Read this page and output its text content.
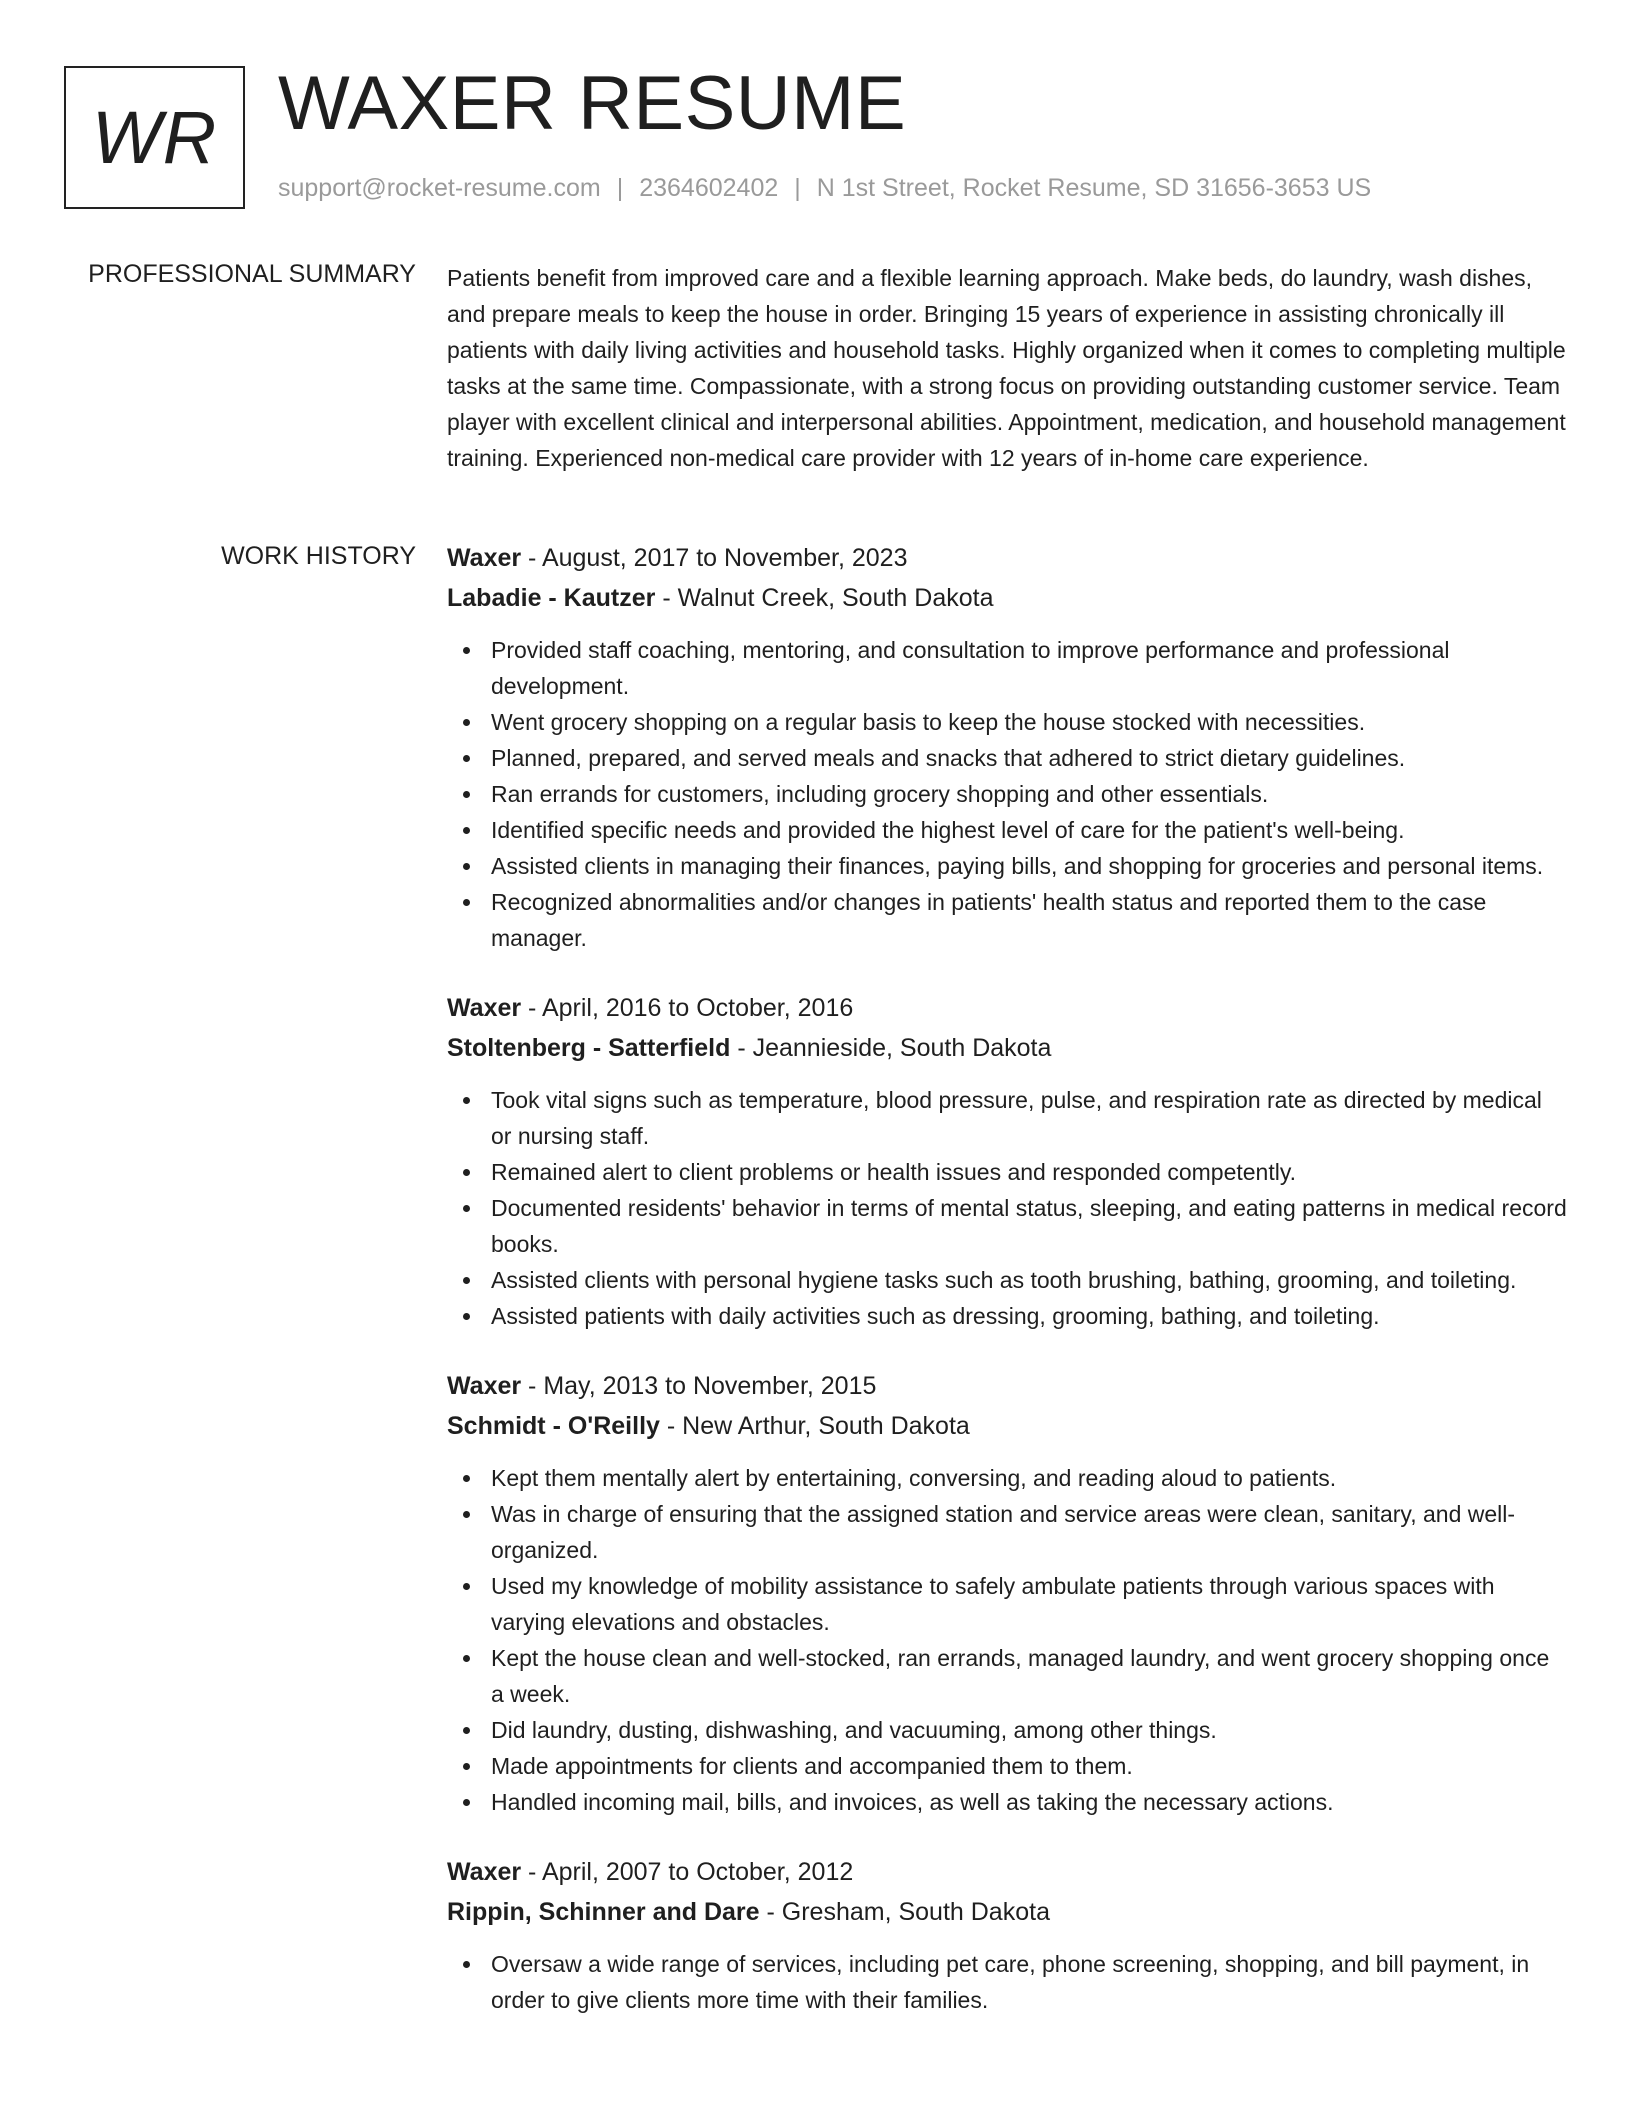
WR WAXER RESUME
support@rocket-resume.com | 2364602402 | N 1st Street, Rocket Resume, SD 31656-3653 US
PROFESSIONAL SUMMARY Patients benefit from improved care and a flexible learning approach. Make beds, do laundry, wash dishes, and prepare meals to keep the house in order. Bringing 15 years of experience in assisting chronically ill patients with daily living activities and household tasks. Highly organized when it comes to completing multiple tasks at the same time. Compassionate, with a strong focus on providing outstanding customer service. Team player with excellent clinical and interpersonal abilities. Appointment, medication, and household management training. Experienced non-medical care provider with 12 years of in-home care experience.

WORK HISTORY Waxer - August, 2017 to November, 2023
Labadie - Kautzer - Walnut Creek, South Dakota
Provided staff coaching, mentoring, and consultation to improve performance and professional development.
Went grocery shopping on a regular basis to keep the house stocked with necessities.
Planned, prepared, and served meals and snacks that adhered to strict dietary guidelines.
Ran errands for customers, including grocery shopping and other essentials.
Identified specific needs and provided the highest level of care for the patient's well-being.
Assisted clients in managing their finances, paying bills, and shopping for groceries and personal items.
Recognized abnormalities and/or changes in patients' health status and reported them to the case manager.
Waxer - April, 2016 to October, 2016
Stoltenberg - Satterfield - Jeannieside, South Dakota
Took vital signs such as temperature, blood pressure, pulse, and respiration rate as directed by medical or nursing staff.
Remained alert to client problems or health issues and responded competently.
Documented residents' behavior in terms of mental status, sleeping, and eating patterns in medical record books.
Assisted clients with personal hygiene tasks such as tooth brushing, bathing, grooming, and toileting.
Assisted patients with daily activities such as dressing, grooming, bathing, and toileting.
Waxer - May, 2013 to November, 2015
Schmidt - O'Reilly - New Arthur, South Dakota
Kept them mentally alert by entertaining, conversing, and reading aloud to patients.
Was in charge of ensuring that the assigned station and service areas were clean, sanitary, and well-organized.
Used my knowledge of mobility assistance to safely ambulate patients through various spaces with varying elevations and obstacles.
Kept the house clean and well-stocked, ran errands, managed laundry, and went grocery shopping once a week.
Did laundry, dusting, dishwashing, and vacuuming, among other things.
Made appointments for clients and accompanied them to them.
Handled incoming mail, bills, and invoices, as well as taking the necessary actions.
Waxer - April, 2007 to October, 2012
Rippin, Schinner and Dare - Gresham, South Dakota
Oversaw a wide range of services, including pet care, phone screening, shopping, and bill payment, in order to give clients more time with their families.
